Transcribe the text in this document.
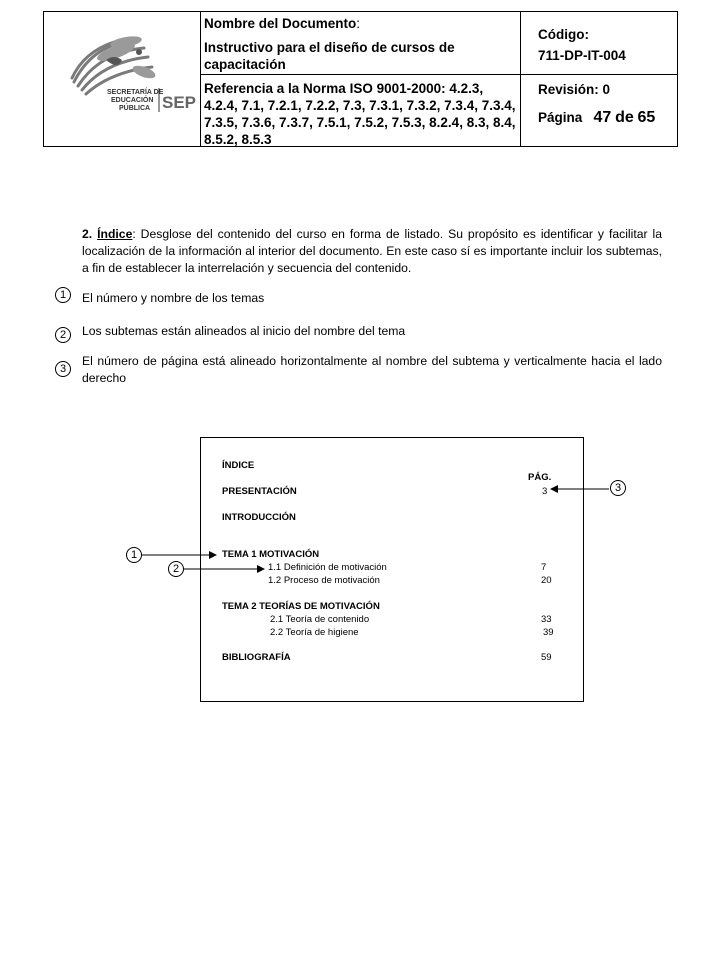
SECRETARÍA DE
EDUCACIÓN
PÚBLICA SEP
Nombre del Documento:
Instructivo para el diseño de cursos de capacitación
Referencia a la Norma ISO 9001-2000: 4.2.3, 4.2.4, 7.1, 7.2.1, 7.2.2, 7.3, 7.3.1, 7.3.2, 7.3.4, 7.3.4, 7.3.5, 7.3.6, 7.3.7, 7.5.1, 7.5.2, 7.5.3, 8.2.4, 8.3, 8.4, 8.5.2, 8.5.3
Código:
711-DP-IT-004
Revisión: 0
Página 47 de 65
2. Índice: Desglose del contenido del curso en forma de listado. Su propósito es identificar y facilitar la localización de la información al interior del documento. En este caso sí es importante incluir los subtemas, a fin de establecer la interrelación y secuencia del contenido.
1	El número y nombre de los temas
2	Los subtemas están alineados al inicio del nombre del tema
3
El número de página está alineado horizontalmente al nombre del subtema y verticalmente hacia el lado derecho
ÍNDICE
PÁG.
PRESENTACIÓN	3
INTRODUCCIÓN
TEMA 1 MOTIVACIÓN
1.1 Definición de motivación	7
1.2 Proceso de motivación	20
TEMA 2 TEORÍAS DE MOTIVACIÓN
2.1 Teoría de contenido	33
2.2 Teoría de higiene	39
BIBLIOGRAFÍA	59
1
2
3
